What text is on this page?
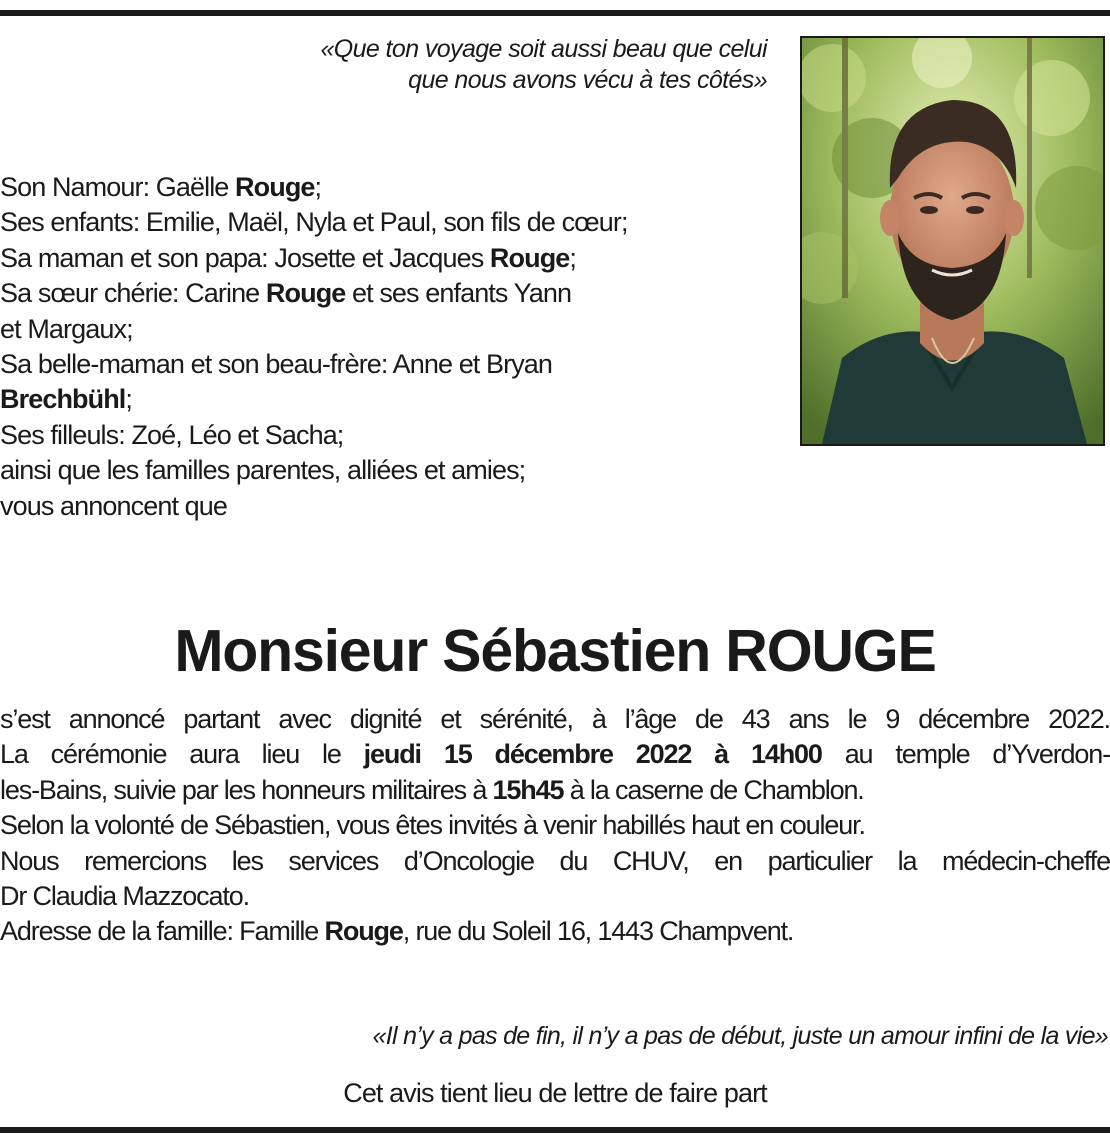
«Que ton voyage soit aussi beau que celui
que nous avons vécu à tes côtés»
Son Namour: Gaëlle Rouge;
Ses enfants: Emilie, Maël, Nyla et Paul, son fils de cœur;
Sa maman et son papa: Josette et Jacques Rouge;
Sa sœur chérie: Carine Rouge et ses enfants Yann
et Margaux;
Sa belle-maman et son beau-frère: Anne et Bryan
Brechbühl;
Ses filleuls: Zoé, Léo et Sacha;
ainsi que les familles parentes, alliées et amies;
vous annoncent que
Monsieur Sébastien ROUGE
s’est annoncé partant avec dignité et sérénité, à l’âge de 43 ans le 9 décembre 2022.
La cérémonie aura lieu le jeudi 15 décembre 2022 à 14h00 au temple d’Yverdon-
les-Bains, suivie par les honneurs militaires à 15h45 à la caserne de Chamblon.
Selon la volonté de Sébastien, vous êtes invités à venir habillés haut en couleur.
Nous remercions les services d’Oncologie du CHUV, en particulier la médecin-cheffe
Dr Claudia Mazzocato.
Adresse de la famille: Famille Rouge, rue du Soleil 16, 1443 Champvent.
«Il n’y a pas de fin, il n’y a pas de début, juste un amour infini de la vie»
Cet avis tient lieu de lettre de faire part
